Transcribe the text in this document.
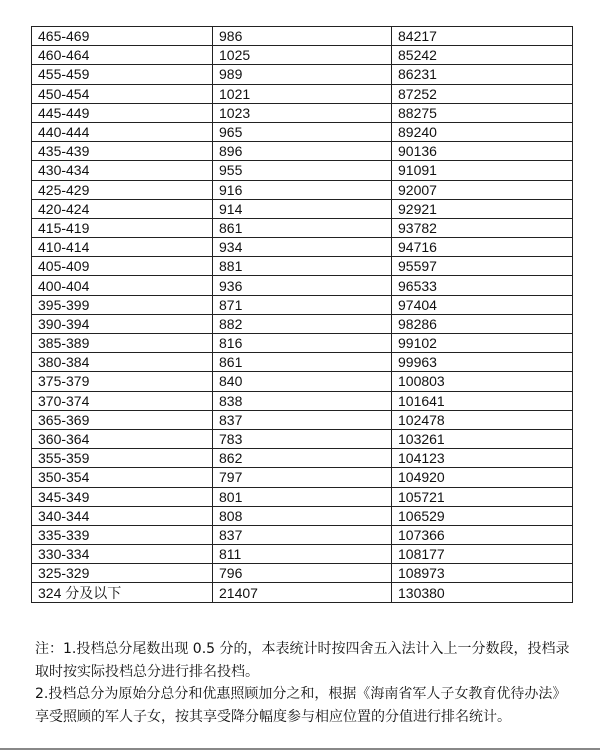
465-469	986	84217
460-464	1025	85242
455-459	989	86231
450-454	1021	87252
445-449	1023	88275
440-444	965	89240
435-439	896	90136
430-434	955	91091
425-429	916	92007
420-424	914	92921
415-419	861	93782
410-414	934	94716
405-409	881	95597
400-404	936	96533
395-399	871	97404
390-394	882	98286
385-389	816	99102
380-384	861	99963
375-379	840	100803
370-374	838	101641
365-369	837	102478
360-364	783	103261
355-359	862	104123
350-354	797	104920
345-349	801	105721
340-344	808	106529
335-339	837	107366
330-334	811	108177
325-329	796	108973
324 分及以下	21407	130380

注：1.投档总分尾数出现 0.5 分的，本表统计时按四舍五入法计入上一分数段，投档录取时按实际投档总分进行排名投档。

2.投档总分为原始分总分和优惠照顾加分之和，根据《海南省军人子女教育优待办法》享受照顾的军人子女，按其享受降分幅度参与相应位置的分值进行排名统计。
